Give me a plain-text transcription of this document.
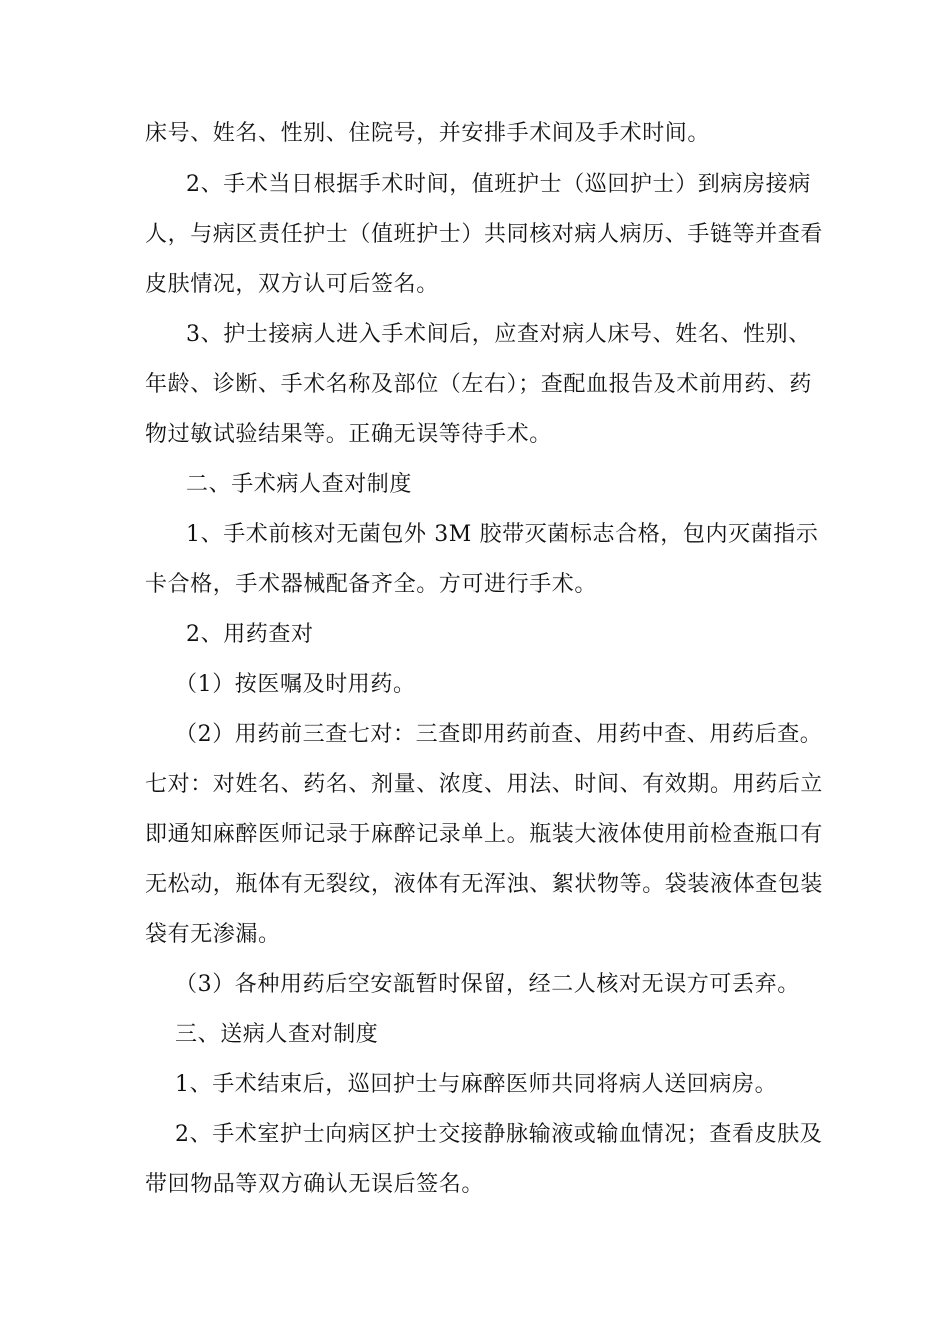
床号、姓名、性别、住院号，并安排手术间及手术时间。
2、手术当日根据手术时间，值班护士（巡回护士）到病房接病
人，与病区责任护士（值班护士）共同核对病人病历、手链等并查看
皮肤情况，双方认可后签名。
3、护士接病人进入手术间后，应查对病人床号、姓名、性别、
年龄、诊断、手术名称及部位（左右）；查配血报告及术前用药、药
物过敏试验结果等。正确无误等待手术。
二、手术病人查对制度
1、手术前核对无菌包外 3M 胶带灭菌标志合格，包内灭菌指示
卡合格，手术器械配备齐全。方可进行手术。
2、用药查对
（1）按医嘱及时用药。
（2）用药前三查七对：三查即用药前查、用药中查、用药后查。
七对：对姓名、药名、剂量、浓度、用法、时间、有效期。用药后立
即通知麻醉医师记录于麻醉记录单上。瓶装大液体使用前检查瓶口有
无松动，瓶体有无裂纹，液体有无浑浊、絮状物等。袋装液体查包装
袋有无渗漏。
（3）各种用药后空安瓿暂时保留，经二人核对无误方可丢弃。
三、送病人查对制度
1、手术结束后，巡回护士与麻醉医师共同将病人送回病房。
2、手术室护士向病区护士交接静脉输液或输血情况；查看皮肤及
带回物品等双方确认无误后签名。
